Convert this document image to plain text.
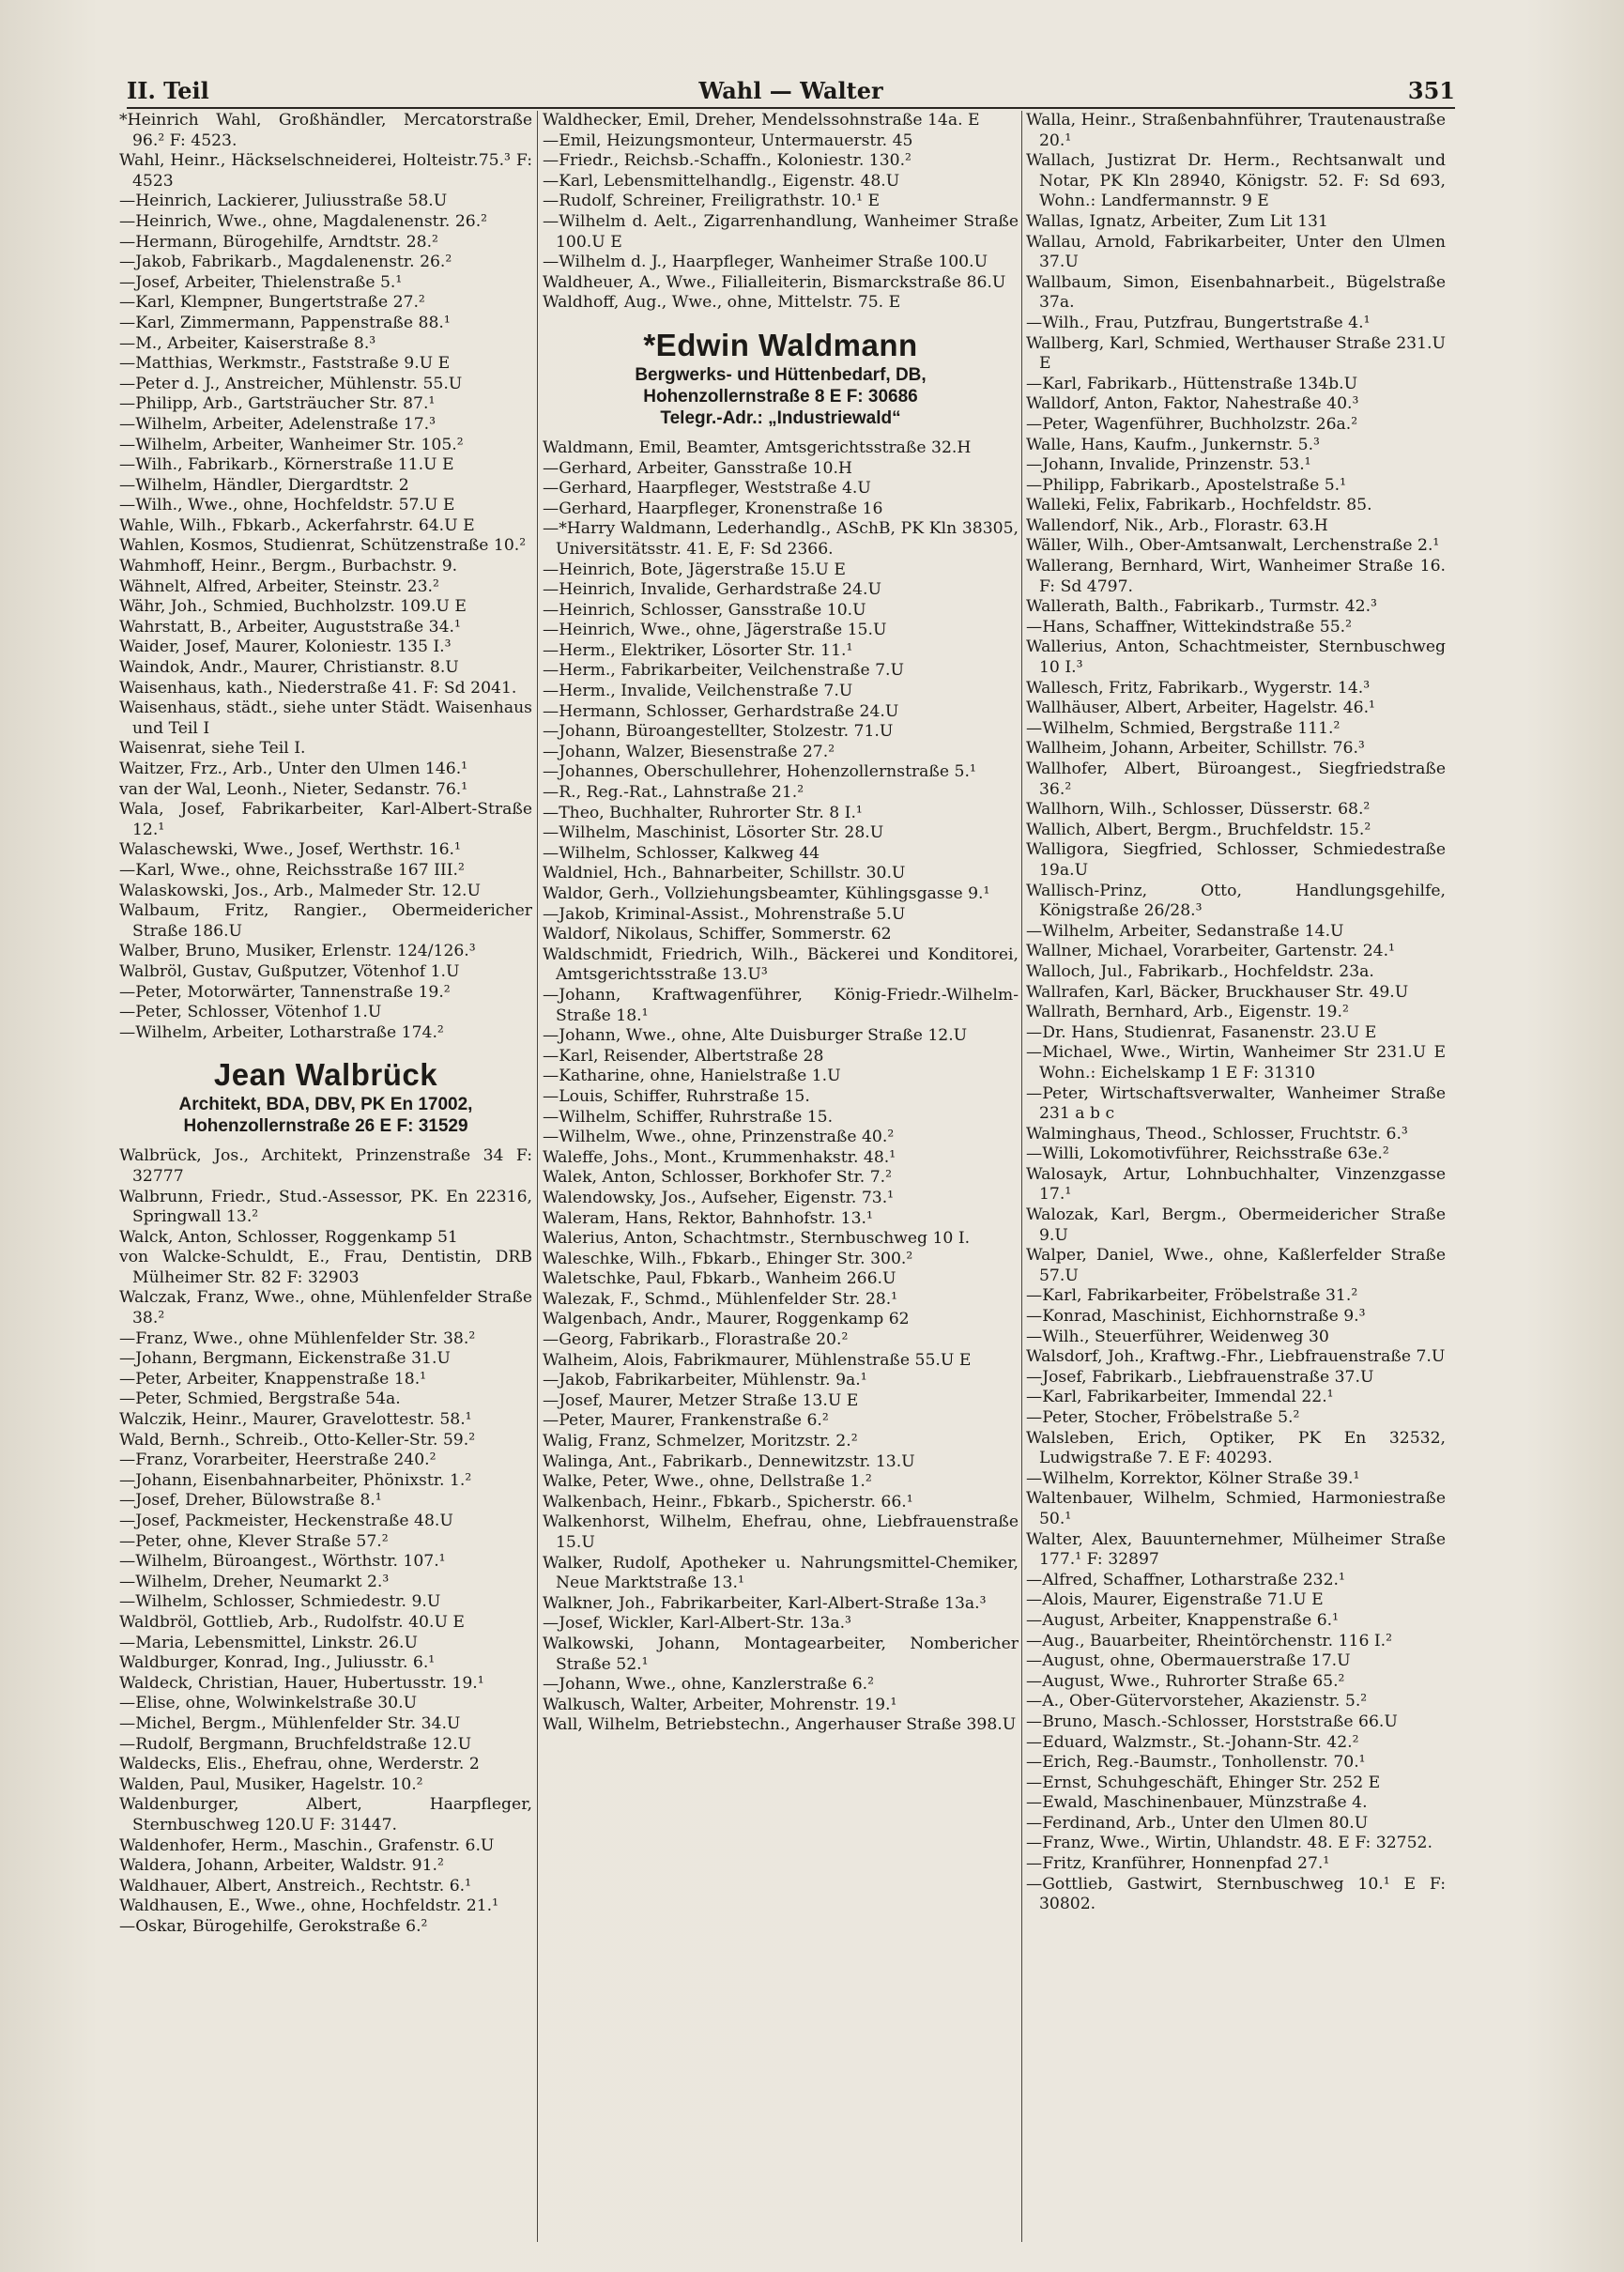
II. Teil	Wahl — Walter	351

*Heinrich Wahl, Großhändler, Mercatorstraße 96.² F: 4523.

Wahl, Heinr., Häckselschneiderei, Holteistr.75.³ F: 4523

—Heinrich, Lackierer, Juliusstraße 58.U

—Heinrich, Wwe., ohne, Magdalenenstr. 26.²

—Hermann, Bürogehilfe, Arndtstr. 28.²

—Jakob, Fabrikarb., Magdalenenstr. 26.²

—Josef, Arbeiter, Thielenstraße 5.¹

—Karl, Klempner, Bungertstraße 27.²

—Karl, Zimmermann, Pappenstraße 88.¹

—M., Arbeiter, Kaiserstraße 8.³

—Matthias, Werkmstr., Faststraße 9.U E

—Peter d. J., Anstreicher, Mühlenstr. 55.U

—Philipp, Arb., Gartsträucher Str. 87.¹

—Wilhelm, Arbeiter, Adelenstraße 17.³

—Wilhelm, Arbeiter, Wanheimer Str. 105.²

—Wilh., Fabrikarb., Körnerstraße 11.U E

—Wilhelm, Händler, Diergardtstr. 2

—Wilh., Wwe., ohne, Hochfeldstr. 57.U E

Wahle, Wilh., Fbkarb., Ackerfahrstr. 64.U E

Wahlen, Kosmos, Studienrat, Schützenstraße 10.²

Wahmhoff, Heinr., Bergm., Burbachstr. 9.

Wähnelt, Alfred, Arbeiter, Steinstr. 23.²

Währ, Joh., Schmied, Buchholzstr. 109.U E

Wahrstatt, B., Arbeiter, Auguststraße 34.¹

Waider, Josef, Maurer, Koloniestr. 135 I.³

Waindok, Andr., Maurer, Christianstr. 8.U

Waisenhaus, kath., Niederstraße 41. F: Sd 2041.

Waisenhaus, städt., siehe unter Städt. Waisenhaus und Teil I

Waisenrat, siehe Teil I.

Waitzer, Frz., Arb., Unter den Ulmen 146.¹

van der Wal, Leonh., Nieter, Sedanstr. 76.¹

Wala, Josef, Fabrikarbeiter, Karl-Albert-Straße 12.¹

Walaschewski, Wwe., Josef, Werthstr. 16.¹

—Karl, Wwe., ohne, Reichsstraße 167 III.²

Walaskowski, Jos., Arb., Malmeder Str. 12.U

Walbaum, Fritz, Rangier., Obermeidericher Straße 186.U

Walber, Bruno, Musiker, Erlenstr. 124/126.³

Walbröl, Gustav, Gußputzer, Vötenhof 1.U

—Peter, Motorwärter, Tannenstraße 19.²

—Peter, Schlosser, Vötenhof 1.U

—Wilhelm, Arbeiter, Lotharstraße 174.²

Jean Walbrück
Architekt, BDA, DBV, PK En 17002,
Hohenzollernstraße 26 E F: 31529

Walbrück, Jos., Architekt, Prinzenstraße 34 F: 32777

Walbrunn, Friedr., Stud.-Assessor, PK. En 22316, Springwall 13.²

Walck, Anton, Schlosser, Roggenkamp 51

von Walcke-Schuldt, E., Frau, Dentistin, DRB Mülheimer Str. 82 F: 32903

Walczak, Franz, Wwe., ohne, Mühlenfelder Straße 38.²

—Franz, Wwe., ohne Mühlenfelder Str. 38.²

—Johann, Bergmann, Eickenstraße 31.U

—Peter, Arbeiter, Knappenstraße 18.¹

—Peter, Schmied, Bergstraße 54a.

Walczik, Heinr., Maurer, Gravelottestr. 58.¹

Wald, Bernh., Schreib., Otto-Keller-Str. 59.²

—Franz, Vorarbeiter, Heerstraße 240.²

—Johann, Eisenbahnarbeiter, Phönixstr. 1.²

—Josef, Dreher, Bülowstraße 8.¹

—Josef, Packmeister, Heckenstraße 48.U

—Peter, ohne, Klever Straße 57.²

—Wilhelm, Büroangest., Wörthstr. 107.¹

—Wilhelm, Dreher, Neumarkt 2.³

—Wilhelm, Schlosser, Schmiedestr. 9.U

Waldbröl, Gottlieb, Arb., Rudolfstr. 40.U E

—Maria, Lebensmittel, Linkstr. 26.U

Waldburger, Konrad, Ing., Juliusstr. 6.¹

Waldeck, Christian, Hauer, Hubertusstr. 19.¹

—Elise, ohne, Wolwinkelstraße 30.U

—Michel, Bergm., Mühlenfelder Str. 34.U

—Rudolf, Bergmann, Bruchfeldstraße 12.U

Waldecks, Elis., Ehefrau, ohne, Werderstr. 2

Walden, Paul, Musiker, Hagelstr. 10.²

Waldenburger, Albert, Haarpfleger, Sternbuschweg 120.U F: 31447.

Waldenhofer, Herm., Maschin., Grafenstr. 6.U

Waldera, Johann, Arbeiter, Waldstr. 91.²

Waldhauer, Albert, Anstreich., Rechtstr. 6.¹

Waldhausen, E., Wwe., ohne, Hochfeldstr. 21.¹

—Oskar, Bürogehilfe, Gerokstraße 6.²

Waldhecker, Emil, Dreher, Mendelssohnstraße 14a. E

—Emil, Heizungsmonteur, Untermauerstr. 45

—Friedr., Reichsb.-Schaffn., Koloniestr. 130.²

—Karl, Lebensmittelhandlg., Eigenstr. 48.U

—Rudolf, Schreiner, Freiligrathstr. 10.¹ E

—Wilhelm d. Aelt., Zigarrenhandlung, Wanheimer Straße 100.U E

—Wilhelm d. J., Haarpfleger, Wanheimer Straße 100.U

Waldheuer, A., Wwe., Filialleiterin, Bismarckstraße 86.U

Waldhoff, Aug., Wwe., ohne, Mittelstr. 75. E

*Edwin Waldmann
Bergwerks- und Hüttenbedarf, DB,
Hohenzollernstraße 8 E F: 30686
Telegr.-Adr.: „Industriewald“

Waldmann, Emil, Beamter, Amtsgerichtsstraße 32.H

—Gerhard, Arbeiter, Gansstraße 10.H

—Gerhard, Haarpfleger, Weststraße 4.U

—Gerhard, Haarpfleger, Kronenstraße 16

—*Harry Waldmann, Lederhandlg., ASchB, PK Kln 38305, Universitätsstr. 41. E, F: Sd 2366.

—Heinrich, Bote, Jägerstraße 15.U E

—Heinrich, Invalide, Gerhardstraße 24.U

—Heinrich, Schlosser, Gansstraße 10.U

—Heinrich, Wwe., ohne, Jägerstraße 15.U

—Herm., Elektriker, Lösorter Str. 11.¹

—Herm., Fabrikarbeiter, Veilchenstraße 7.U

—Herm., Invalide, Veilchenstraße 7.U

—Hermann, Schlosser, Gerhardstraße 24.U

—Johann, Büroangestellter, Stolzestr. 71.U

—Johann, Walzer, Biesenstraße 27.²

—Johannes, Oberschullehrer, Hohenzollernstraße 5.¹

—R., Reg.-Rat., Lahnstraße 21.²

—Theo, Buchhalter, Ruhrorter Str. 8 I.¹

—Wilhelm, Maschinist, Lösorter Str. 28.U

—Wilhelm, Schlosser, Kalkweg 44

Waldniel, Hch., Bahnarbeiter, Schillstr. 30.U

Waldor, Gerh., Vollziehungsbeamter, Kühlingsgasse 9.¹

—Jakob, Kriminal-Assist., Mohrenstraße 5.U

Waldorf, Nikolaus, Schiffer, Sommerstr. 62

Waldschmidt, Friedrich, Wilh., Bäckerei und Konditorei, Amtsgerichtsstraße 13.U³

—Johann, Kraftwagenführer, König-Friedr.-Wilhelm-Straße 18.¹

—Johann, Wwe., ohne, Alte Duisburger Straße 12.U

—Karl, Reisender, Albertstraße 28

—Katharine, ohne, Hanielstraße 1.U

—Louis, Schiffer, Ruhrstraße 15.

—Wilhelm, Schiffer, Ruhrstraße 15.

—Wilhelm, Wwe., ohne, Prinzenstraße 40.²

Waleffe, Johs., Mont., Krummenhakstr. 48.¹

Walek, Anton, Schlosser, Borkhofer Str. 7.²

Walendowsky, Jos., Aufseher, Eigenstr. 73.¹

Waleram, Hans, Rektor, Bahnhofstr. 13.¹

Walerius, Anton, Schachtmstr., Sternbuschweg 10 I.

Waleschke, Wilh., Fbkarb., Ehinger Str. 300.²

Waletschke, Paul, Fbkarb., Wanheim 266.U

Walezak, F., Schmd., Mühlenfelder Str. 28.¹

Walgenbach, Andr., Maurer, Roggenkamp 62

—Georg, Fabrikarb., Florastraße 20.²

Walheim, Alois, Fabrikmaurer, Mühlenstraße 55.U E

—Jakob, Fabrikarbeiter, Mühlenstr. 9a.¹

—Josef, Maurer, Metzer Straße 13.U E

—Peter, Maurer, Frankenstraße 6.²

Walig, Franz, Schmelzer, Moritzstr. 2.²

Walinga, Ant., Fabrikarb., Dennewitzstr. 13.U

Walke, Peter, Wwe., ohne, Dellstraße 1.²

Walkenbach, Heinr., Fbkarb., Spicherstr. 66.¹

Walkenhorst, Wilhelm, Ehefrau, ohne, Liebfrauenstraße 15.U

Walker, Rudolf, Apotheker u. Nahrungsmittel-Chemiker, Neue Marktstraße 13.¹

Walkner, Joh., Fabrikarbeiter, Karl-Albert-Straße 13a.³

—Josef, Wickler, Karl-Albert-Str. 13a.³

Walkowski, Johann, Montagearbeiter, Nombericher Straße 52.¹

—Johann, Wwe., ohne, Kanzlerstraße 6.²

Walkusch, Walter, Arbeiter, Mohrenstr. 19.¹

Wall, Wilhelm, Betriebstechn., Angerhauser Straße 398.U

Walla, Heinr., Straßenbahnführer, Trautenaustraße 20.¹

Wallach, Justizrat Dr. Herm., Rechtsanwalt und Notar, PK Kln 28940, Königstr. 52. F: Sd 693, Wohn.: Landfermannstr. 9 E

Wallas, Ignatz, Arbeiter, Zum Lit 131

Wallau, Arnold, Fabrikarbeiter, Unter den Ulmen 37.U

Wallbaum, Simon, Eisenbahnarbeit., Bügelstraße 37a.

—Wilh., Frau, Putzfrau, Bungertstraße 4.¹

Wallberg, Karl, Schmied, Werthauser Straße 231.U E

—Karl, Fabrikarb., Hüttenstraße 134b.U

Walldorf, Anton, Faktor, Nahestraße 40.³

—Peter, Wagenführer, Buchholzstr. 26a.²

Walle, Hans, Kaufm., Junkernstr. 5.³

—Johann, Invalide, Prinzenstr. 53.¹

—Philipp, Fabrikarb., Apostelstraße 5.¹

Walleki, Felix, Fabrikarb., Hochfeldstr. 85.

Wallendorf, Nik., Arb., Florastr. 63.H

Wäller, Wilh., Ober-Amtsanwalt, Lerchenstraße 2.¹

Wallerang, Bernhard, Wirt, Wanheimer Straße 16. F: Sd 4797.

Wallerath, Balth., Fabrikarb., Turmstr. 42.³

—Hans, Schaffner, Wittekindstraße 55.²

Wallerius, Anton, Schachtmeister, Sternbuschweg 10 I.³

Wallesch, Fritz, Fabrikarb., Wygerstr. 14.³

Wallhäuser, Albert, Arbeiter, Hagelstr. 46.¹

—Wilhelm, Schmied, Bergstraße 111.²

Wallheim, Johann, Arbeiter, Schillstr. 76.³

Wallhofer, Albert, Büroangest., Siegfriedstraße 36.²

Wallhorn, Wilh., Schlosser, Düsserstr. 68.²

Wallich, Albert, Bergm., Bruchfeldstr. 15.²

Walligora, Siegfried, Schlosser, Schmiedestraße 19a.U

Wallisch-Prinz, Otto, Handlungsgehilfe, Königstraße 26/28.³

—Wilhelm, Arbeiter, Sedanstraße 14.U

Wallner, Michael, Vorarbeiter, Gartenstr. 24.¹

Walloch, Jul., Fabrikarb., Hochfeldstr. 23a.

Wallrafen, Karl, Bäcker, Bruckhauser Str. 49.U

Wallrath, Bernhard, Arb., Eigenstr. 19.²

—Dr. Hans, Studienrat, Fasanenstr. 23.U E

—Michael, Wwe., Wirtin, Wanheimer Str 231.U E Wohn.: Eichelskamp 1 E F: 31310

—Peter, Wirtschaftsverwalter, Wanheimer Straße 231 a b c

Walminghaus, Theod., Schlosser, Fruchtstr. 6.³

—Willi, Lokomotivführer, Reichsstraße 63e.²

Walosayk, Artur, Lohnbuchhalter, Vinzenzgasse 17.¹

Walozak, Karl, Bergm., Obermeidericher Straße 9.U

Walper, Daniel, Wwe., ohne, Kaßlerfelder Straße 57.U

—Karl, Fabrikarbeiter, Fröbelstraße 31.²

—Konrad, Maschinist, Eichhornstraße 9.³

—Wilh., Steuerführer, Weidenweg 30

Walsdorf, Joh., Kraftwg.-Fhr., Liebfrauenstraße 7.U

—Josef, Fabrikarb., Liebfrauenstraße 37.U

—Karl, Fabrikarbeiter, Immendal 22.¹

—Peter, Stocher, Fröbelstraße 5.²

Walsleben, Erich, Optiker, PK En 32532, Ludwigstraße 7. E F: 40293.

—Wilhelm, Korrektor, Kölner Straße 39.¹

Waltenbauer, Wilhelm, Schmied, Harmoniestraße 50.¹

Walter, Alex, Bauunternehmer, Mülheimer Straße 177.¹ F: 32897

—Alfred, Schaffner, Lotharstraße 232.¹

—Alois, Maurer, Eigenstraße 71.U E

—August, Arbeiter, Knappenstraße 6.¹

—Aug., Bauarbeiter, Rheintörchenstr. 116 I.²

—August, ohne, Obermauerstraße 17.U

—August, Wwe., Ruhrorter Straße 65.²

—A., Ober-Gütervorsteher, Akazienstr. 5.²

—Bruno, Masch.-Schlosser, Horststraße 66.U

—Eduard, Walzmstr., St.-Johann-Str. 42.²

—Erich, Reg.-Baumstr., Tonhollenstr. 70.¹

—Ernst, Schuhgeschäft, Ehinger Str. 252 E

—Ewald, Maschinenbauer, Münzstraße 4.

—Ferdinand, Arb., Unter den Ulmen 80.U

—Franz, Wwe., Wirtin, Uhlandstr. 48. E F: 32752.

—Fritz, Kranführer, Honnenpfad 27.¹

—Gottlieb, Gastwirt, Sternbuschweg 10.¹ E F: 30802.
